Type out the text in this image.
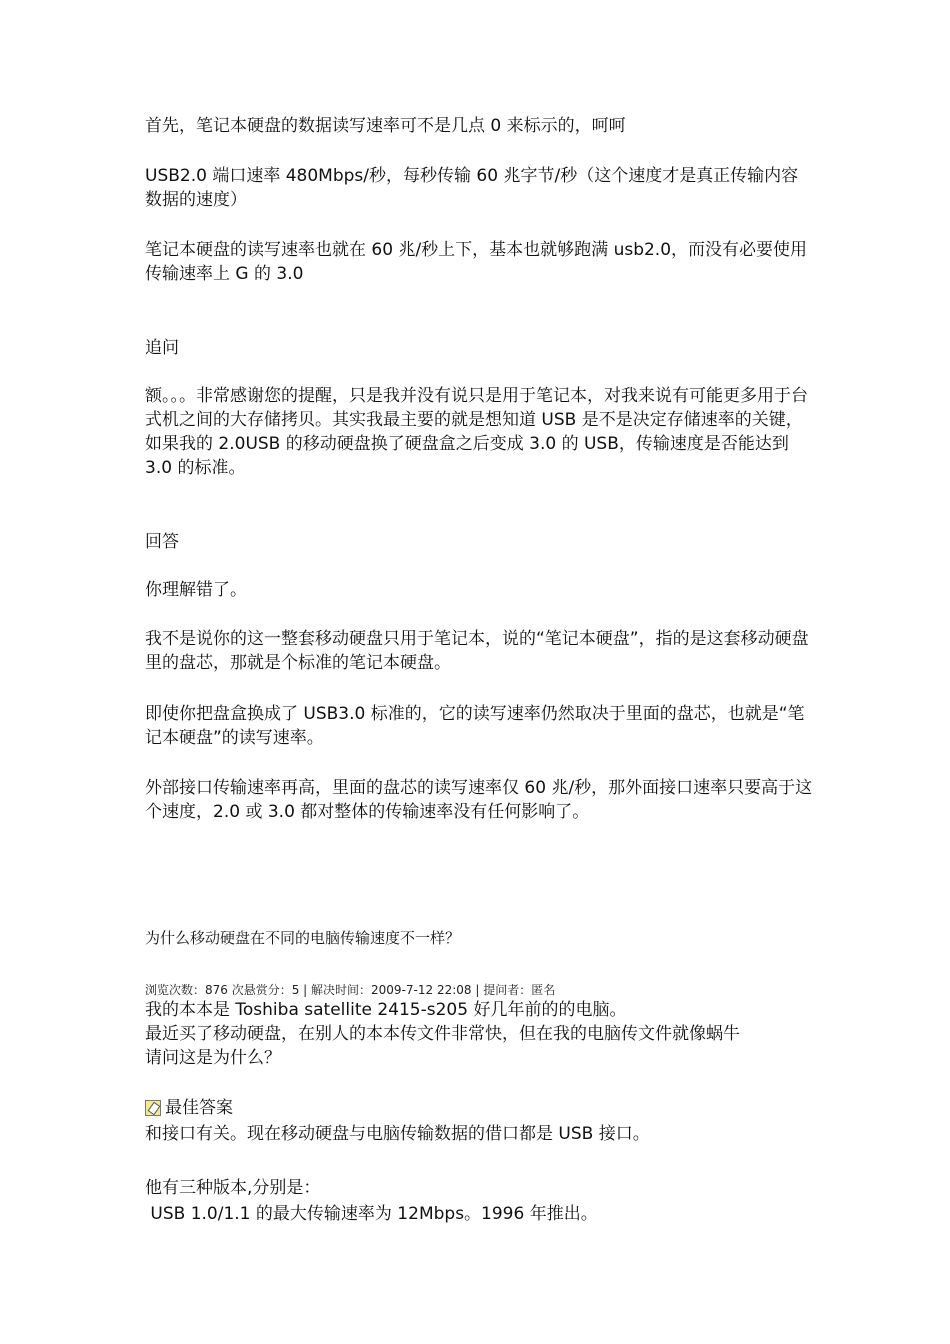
首先，笔记本硬盘的数据读写速率可不是几点 0 来标示的，呵呵

USB2.0 端口速率 480Mbps/秒，每秒传输 60 兆字节/秒（这个速度才是真正传输内容数据的速度）

笔记本硬盘的读写速率也就在 60 兆/秒上下，基本也就够跑满 usb2.0，而没有必要使用传输速率上 G 的 3.0

追问

额。。。非常感谢您的提醒，只是我并没有说只是用于笔记本，对我来说有可能更多用于台式机之间的大存储拷贝。其实我最主要的就是想知道 USB 是不是决定存储速率的关键，如果我的 2.0USB 的移动硬盘换了硬盘盒之后变成 3.0 的 USB，传输速度是否能达到 3.0 的标准。

回答

你理解错了。

我不是说你的这一整套移动硬盘只用于笔记本，说的“笔记本硬盘”，指的是这套移动硬盘里的盘芯，那就是个标准的笔记本硬盘。

即使你把盘盒换成了 USB3.0 标准的，它的读写速率仍然取决于里面的盘芯，也就是“笔记本硬盘”的读写速率。

外部接口传输速率再高，里面的盘芯的读写速率仅 60 兆/秒，那外面接口速率只要高于这个速度，2.0 或 3.0 都对整体的传输速率没有任何影响了。

为什么移动硬盘在不同的电脑传输速度不一样？

浏览次数：876 次悬赏分：5 | 解决时间：2009-7-12 22:08 | 提问者：匿名

我的本本是 Toshiba satellite 2415-s205 好几年前的的电脑。

最近买了移动硬盘，在别人的本本传文件非常快，但在我的电脑传文件就像蜗牛

请问这是为什么？

最佳答案

和接口有关。现在移动硬盘与电脑传输数据的借口都是 USB 接口。

他有三种版本,分别是：

USB 1.0/1.1 的最大传输速率为 12Mbps。1996 年推出。
